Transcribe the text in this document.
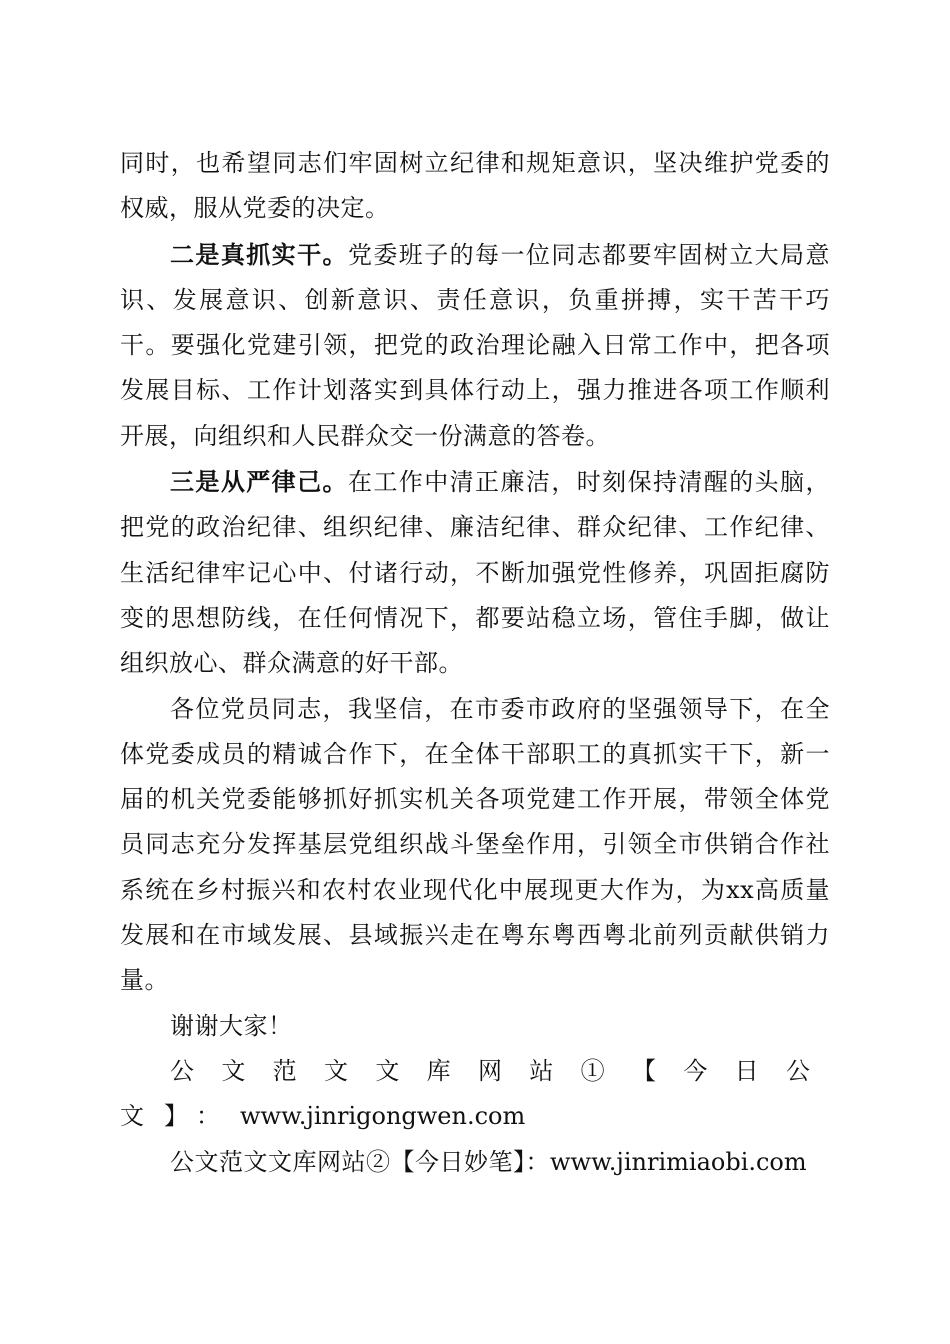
同时，也希望同志们牢固树立纪律和规矩意识，坚决维护党委的权威，服从党委的决定。

二是真抓实干。党委班子的每一位同志都要牢固树立大局意识、发展意识、创新意识、责任意识，负重拼搏，实干苦干巧干。要强化党建引领，把党的政治理论融入日常工作中，把各项发展目标、工作计划落实到具体行动上，强力推进各项工作顺利开展，向组织和人民群众交一份满意的答卷。

三是从严律己。在工作中清正廉洁，时刻保持清醒的头脑，把党的政治纪律、组织纪律、廉洁纪律、群众纪律、工作纪律、生活纪律牢记心中、付诸行动，不断加强党性修养，巩固拒腐防变的思想防线，在任何情况下，都要站稳立场，管住手脚，做让组织放心、群众满意的好干部。

各位党员同志，我坚信，在市委市政府的坚强领导下，在全体党委成员的精诚合作下，在全体干部职工的真抓实干下，新一届的机关党委能够抓好抓实机关各项党建工作开展，带领全体党员同志充分发挥基层党组织战斗堡垒作用，引领全市供销合作社系统在乡村振兴和农村农业现代化中展现更大作为，为xx高质量发展和在市域发展、县域振兴走在粤东粤西粤北前列贡献供销力量。

谢谢大家！

公文范文文库网站①【今日公文】：www.jinrigongwen.com

公文范文文库网站②【今日妙笔】：www.jinrimiaobi.com
